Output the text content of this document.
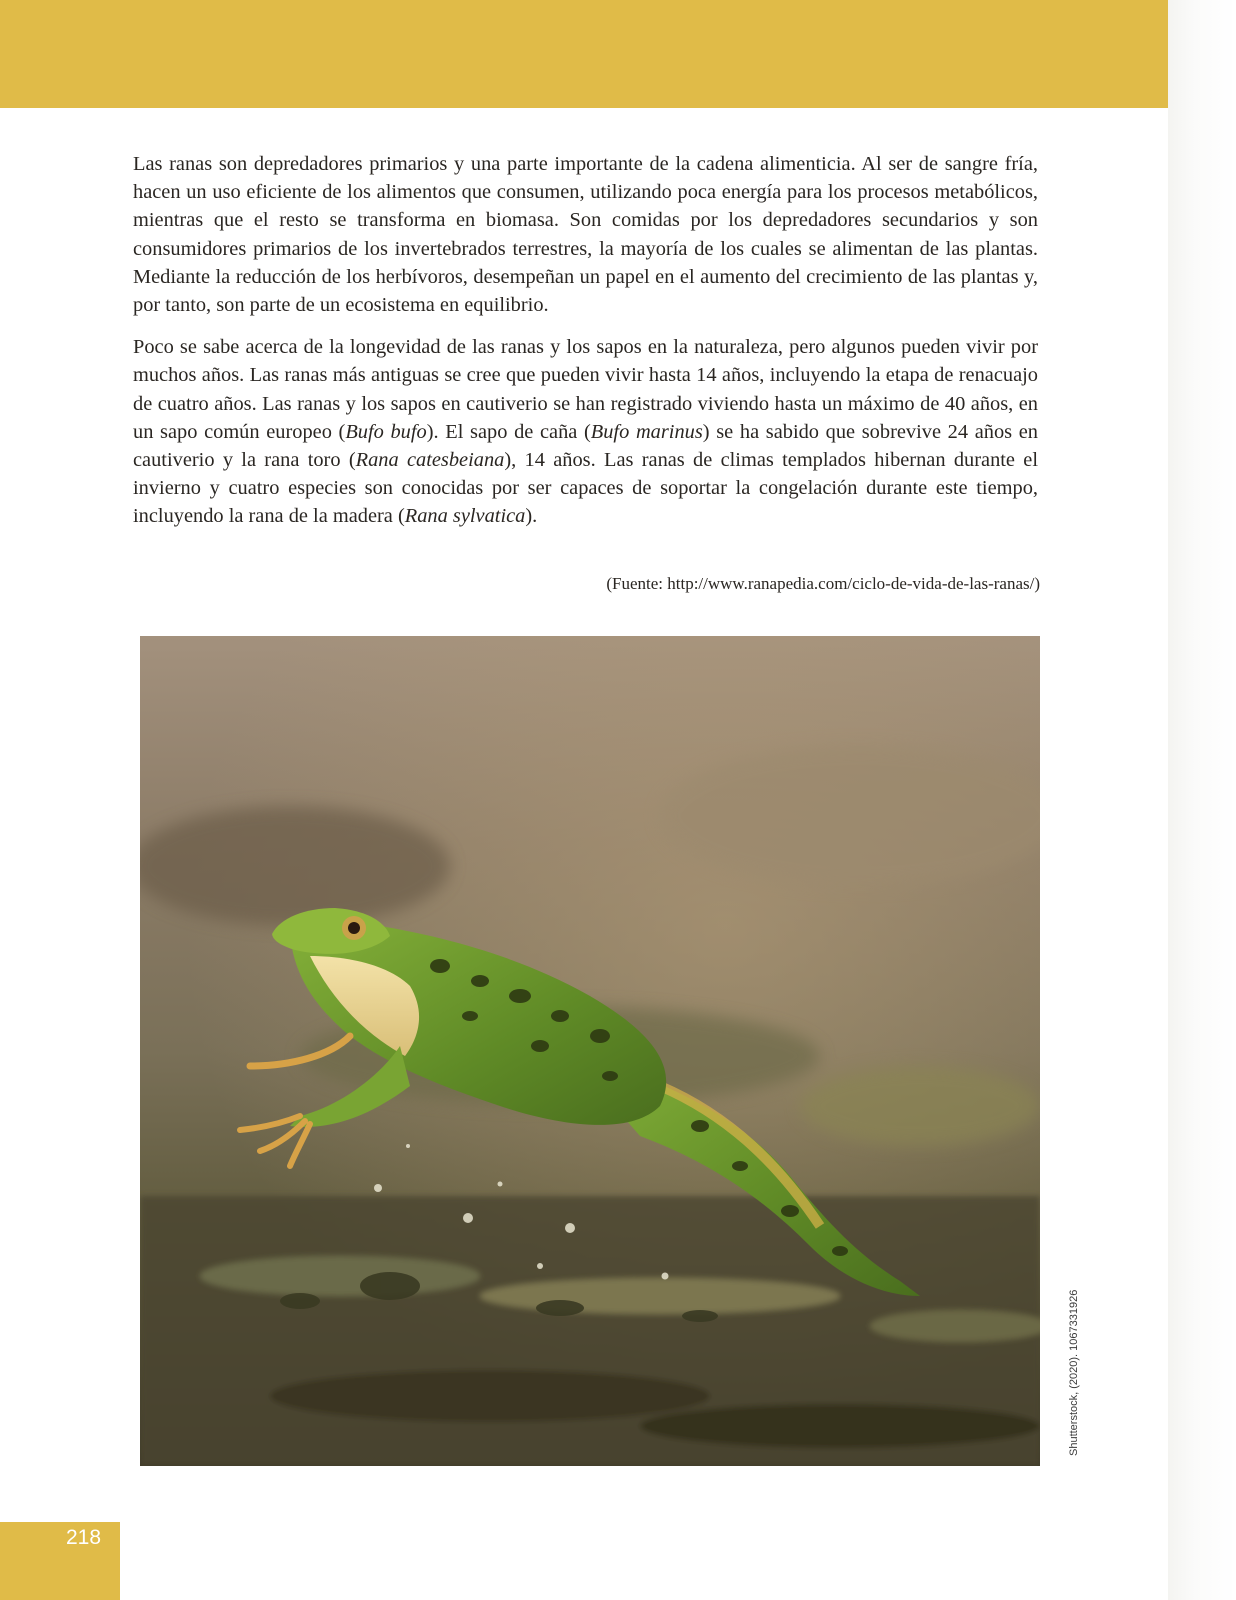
Las ranas son depredadores primarios y una parte importante de la cadena alimenticia. Al ser de sangre fría, hacen un uso eficiente de los alimentos que consumen, utilizando poca energía para los procesos metabólicos, mientras que el resto se transforma en biomasa. Son comidas por los depredadores secundarios y son consumidores primarios de los invertebrados terrestres, la mayoría de los cuales se alimentan de las plantas. Mediante la reducción de los herbívoros, desempeñan un papel en el aumento del crecimiento de las plantas y, por tanto, son parte de un ecosistema en equilibrio.

Poco se sabe acerca de la longevidad de las ranas y los sapos en la naturaleza, pero algunos pueden vivir por muchos años. Las ranas más antiguas se cree que pueden vivir hasta 14 años, incluyendo la etapa de renacuajo de cuatro años. Las ranas y los sapos en cautiverio se han registrado viviendo hasta un máximo de 40 años, en un sapo común europeo (Bufo bufo). El sapo de caña (Bufo marinus) se ha sabido que sobrevive 24 años en cautiverio y la rana toro (Rana catesbeiana), 14 años. Las ranas de climas templados hibernan durante el invierno y cuatro especies son conocidas por ser capaces de soportar la congelación durante este tiempo, incluyendo la rana de la madera (Rana sylvatica).

(Fuente: http://www.ranapedia.com/ciclo-de-vida-de-las-ranas/)
Shutterstock, (2020). 1067331926
218
